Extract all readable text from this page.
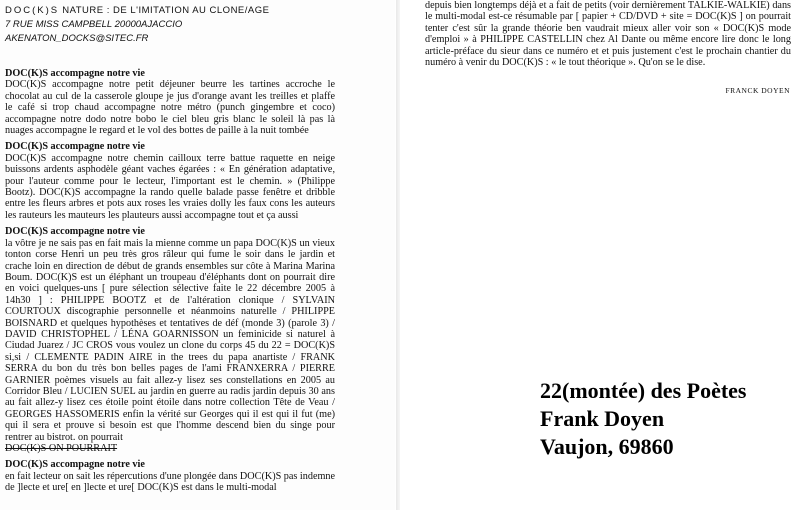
DOC(K)S NATURE : DE L'IMITATION AU CLONE/AGE
7 RUE MISS CAMPBELL 20000AJACCIO
AKENATON_DOCKS@SITEC.FR
DOC(K)S accompagne notre vie

DOC(K)S accompagne notre petit déjeuner beurre les tartines accroche le chocolat au cul de la casserole gloupe je jus d'orange avant les treilles et plaffe le café si trop chaud accompagne notre métro (punch gingembre et coco) accompagne notre dodo notre bobo le ciel bleu gris blanc le soleil là pas là nuages accompagne le regard et le vol des bottes de paille à la nuit tombée

DOC(K)S accompagne notre vie

DOC(K)S accompagne notre chemin cailloux terre battue raquette en neige buissons ardents asphodèle géant vaches égarées : « En génération adaptative, pour l'auteur comme pour le lecteur, l'important est le chemin. » (Philippe Bootz). DOC(K)S accompagne la rando quelle balade passe fenêtre et dribble entre les fleurs arbres et pots aux roses les vraies dolly les faux cons les auteurs les rauteurs les mauteurs les plauteurs aussi accompagne tout et ça aussi

DOC(K)S accompagne notre vie

la vôtre je ne sais pas en fait mais la mienne comme un papa DOC(K)S un vieux tonton corse Henri un peu très gros râleur qui fume le soir dans le jardin et crache loin en direction de début de grands ensembles sur côte à Marina Marina Boum. DOC(K)S est un éléphant un troupeau d'éléphants dont on pourrait dire en voici quelques-uns [ pure sélection sélective faite le 22 décembre 2005 à 14h30 ] : PHILIPPE BOOTZ et de l'altération clonique / SYLVAIN COURTOUX discographie personnelle et néanmoins naturelle / PHILIPPE BOISNARD et quelques hypothèses et tentatives de déf (monde 3) (parole 3) / DAVID CHRISTOPHEL / LÉNA GOARNISSON un feminicide si naturel à Ciudad Juarez / JC CROS vous voulez un clone du corps 45 du 22 = DOC(K)S si,si / CLEMENTE PADIN AIRE in the trees du papa anartiste / FRANK SERRA du bon du très bon belles pages de l'ami FRANXERRA / PIERRE GARNIER poèmes visuels au fait allez-y lisez ses constellations en 2005 au Corridor Bleu / LUCIEN SUEL au jardin en guerre au radis jardin depuis 30 ans au fait allez-y lisez ces étoile point étoile dans notre collection Tête de Veau / GEORGES HASSOMERIS enfin la vérité sur Georges qui il est qui il fut (me) qui il sera et prouve si besoin est que l'homme descend bien du singe pour rentrer au bistrot. on pourrait

DOC(K)S ON POURRAIT

DOC(K)S accompagne notre vie

en fait lecteur on sait les répercutions d'une plongée dans DOC(K)S pas indemne de ]lecte et ure[ en ]lecte et ure[ DOC(K)S est dans le multi-modal

depuis bien longtemps déjà et a fait de petits (voir dernièrement TALKIE-WALKIE) dans le multi-modal est-ce résumable par [ papier + CD/DVD + site = DOC(K)S ] on pourrait tenter c'est sûr la grande théorie ben vaudrait mieux aller voir son « DOC(K)S mode d'emploi » à PHILIPPE CASTELLIN chez Al Dante ou même encore lire donc le long article-préface du sieur dans ce numéro et et puis justement c'est le prochain chantier du numéro à venir du DOC(K)S : « le tout théorique ». Qu'on se le dise.

FRANCK DOYEN
22(montée) des Poètes
Frank Doyen
Vaujon, 69860
